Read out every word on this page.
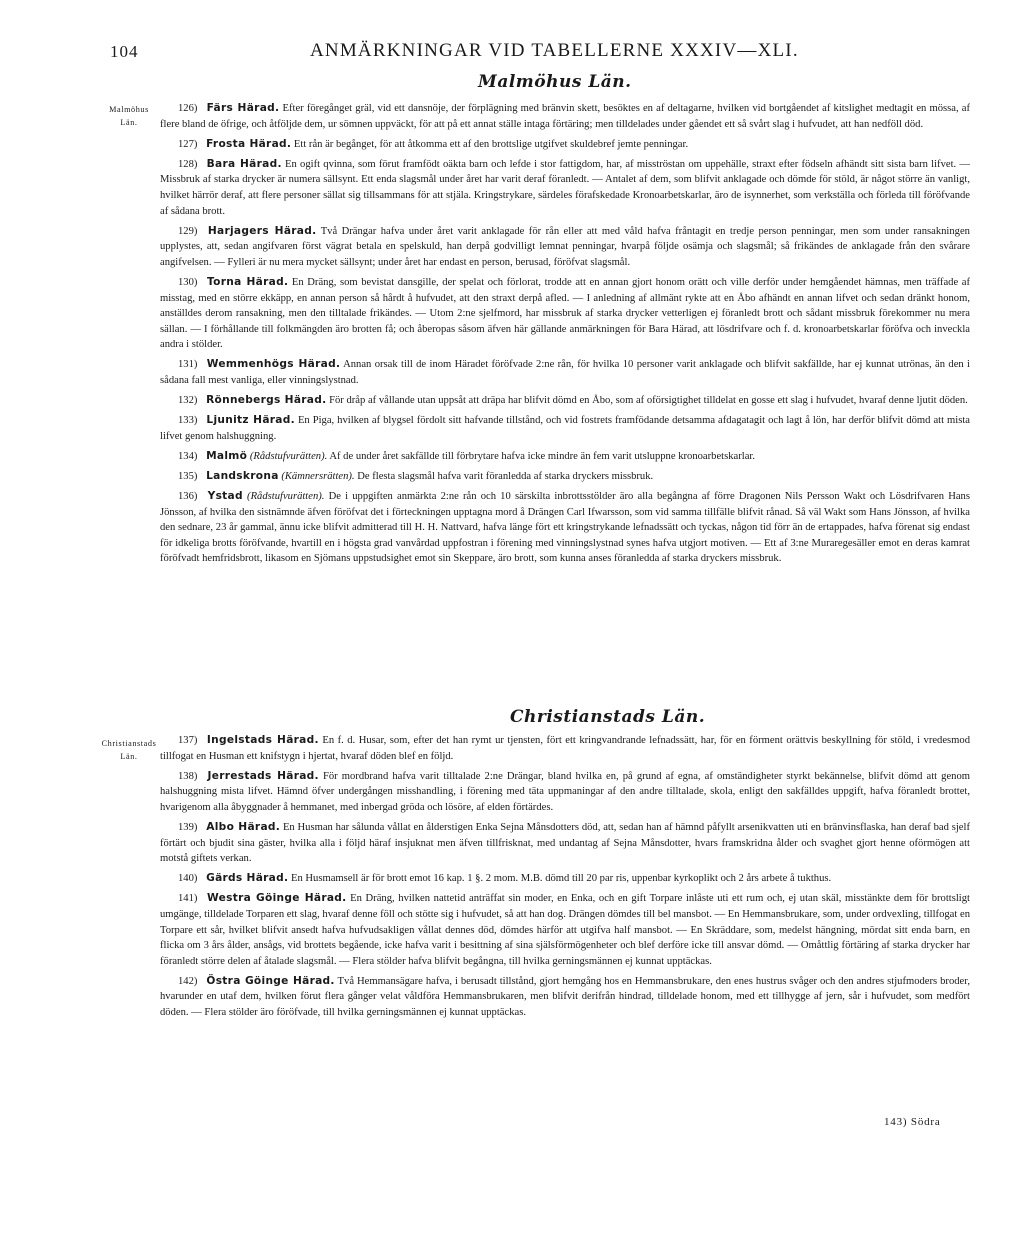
104	ANMÄRKNINGAR VID TABELLERNE XXXIV—XLI.
Malmöhus Län.
Malmöhus Län.

126) Färs Härad. Efter föregånget gräl, vid ett dansnöje, der förplägning med bränvin skett, besöktes en af deltagarne, hvilken vid bortgåendet af kitslighet medtagit en mössa, af flere bland de öfrige, och åtföljde dem, ur sömnen uppväckt, för att på ett annat ställe intaga förtäring; men tilldelades under gåendet ett så svårt slag i hufvudet, att han nedföll död.

127) Frosta Härad. Ett rån är begånget, för att åtkomma ett af den brottslige utgifvet skuldebref jemte penningar.

128) Bara Härad. En ogift qvinna, som förut framfödt oäkta barn och lefde i stor fattigdom, har, af misströstan om uppehälle, straxt efter födseln afhändt sitt sista barn lifvet. — Missbruk af starka drycker är numera sällsynt. Ett enda slagsmål under året har varit deraf föranledt. — Antalet af dem, som blifvit anklagade och dömde för stöld, är något större än vanligt, hvilket härrör deraf, att flere personer sällat sig tillsammans för att stjäla. Kringstrykare, särdeles förafskedade Kronoarbetskarlar, äro de isynnerhet, som verkställa och förleda till föröfvande af sådana brott.

129) Harjagers Härad. Två Drängar hafva under året varit anklagade för rån eller att med våld hafva fråntagit en tredje person penningar, men som under ransakningen upplystes, att, sedan angifvaren först vägrat betala en spelskuld, han derpå godvilligt lemnat penningar, hvarpå följde osämja och slagsmål; så frikändes de anklagade från den svårare angifvelsen. — Fylleri är nu mera mycket sällsynt; under året har endast en person, berusad, föröfvat slagsmål.

130) Torna Härad. En Dräng, som bevistat dansgille, der spelat och förlorat, trodde att en annan gjort honom orätt och ville derför under hemgåendet hämnas, men träffade af misstag, med en större ekkäpp, en annan person så hårdt å hufvudet, att den straxt derpå afled. — I anledning af allmänt rykte att en Åbo afhändt en annan lifvet och sedan dränkt honom, anställdes derom ransakning, men den tilltalade frikändes. — Utom 2:ne sjelfmord, har missbruk af starka drycker vetterligen ej föranledt brott och sådant missbruk förekommer nu mera sällan. — I förhållande till folkmängden äro brotten få; och åberopas såsom äfven här gällande anmärkningen för Bara Härad, att lösdrifvare och f. d. kronoarbetskarlar föröfva och inveckla andra i stölder.

131) Wemmenhögs Härad. Annan orsak till de inom Häradet föröfvade 2:ne rån, för hvilka 10 personer varit anklagade och blifvit sakfällde, har ej kunnat utrönas, än den i sådana fall mest vanliga, eller vinningslystnad.

132) Rönnebergs Härad. För dråp af vållande utan uppsåt att dräpa har blifvit dömd en Åbo, som af oförsigtighet tilldelat en gosse ett slag i hufvudet, hvaraf denne ljutit döden.

133) Ljunitz Härad. En Piga, hvilken af blygsel fördolt sitt hafvande tillstånd, och vid fostrets framfödande detsamma afdagatagit och lagt å lön, har derför blifvit dömd att mista lifvet genom halshuggning.

134) Malmö (Rådstufvurätten). Af de under året sakfällde till förbrytare hafva icke mindre än fem varit utsluppne kronoarbetskarlar.

135) Landskrona (Kämnersrätten). De flesta slagsmål hafva varit föranledda af starka dryckers missbruk.

136) Ystad (Rådstufvurätten). De i uppgiften anmärkta 2:ne rån och 10 särskilta inbrottsstölder äro alla begångna af förre Dragonen Nils Persson Wakt och Lösdrifvaren Hans Jönsson, af hvilka den sistnämnde äfven föröfvat det i förteckningen upptagna mord å Drängen Carl Ifwarsson, som vid samma tillfälle blifvit rånad. Så väl Wakt som Hans Jönsson, af hvilka den sednare, 23 år gammal, ännu icke blifvit admitterad till H. H. Nattvard, hafva länge fört ett kringstrykande lefnadssätt och tyckas, någon tid förr än de ertappades, hafva förenat sig endast för idkeliga brotts föröfvande, hvartill en i högsta grad vanvårdad uppfostran i förening med vinningslystnad synes hafva utgjort motiven. — Ett af 3:ne Muraregesäller emot en deras kamrat föröfvadt hemfridsbrott, likasom en Sjömans uppstudsighet emot sin Skeppare, äro brott, som kunna anses föranledda af starka dryckers missbruk.

Christianstads Län.
Christianstads Län.

137) Ingelstads Härad. En f. d. Husar, som, efter det han rymt ur tjensten, fört ett kringvandrande lefnadssätt, har, för en förment orättvis beskyllning för stöld, i vredesmod tillfogat en Husman ett knifstygn i hjertat, hvaraf döden blef en följd.

138) Jerrestads Härad. För mordbrand hafva varit tilltalade 2:ne Drängar, bland hvilka en, på grund af egna, af omständigheter styrkt bekännelse, blifvit dömd att genom halshuggning mista lifvet. Hämnd öfver undergången misshandling, i förening med täta uppmaningar af den andre tilltalade, skola, enligt den sakfälldes uppgift, hafva föranledt brottet, hvarigenom alla åbyggnader å hemmanet, med inbergad gröda och lösöre, af elden förtärdes.

139) Albo Härad. En Husman har sålunda vållat en ålderstigen Enka Sejna Månsdotters död, att, sedan han af hämnd påfyllt arsenikvatten uti en bränvinsflaska, han deraf bad sjelf förtärt och bjudit sina gäster, hvilka alla i följd häraf insjuknat men äfven tillfrisknat, med undantag af Sejna Månsdotter, hvars framskridna ålder och svaghet gjort henne oförmögen att motstå giftets verkan.

140) Gärds Härad. En Husmamsell är för brott emot 16 kap. 1 §. 2 mom. M.B. dömd till 20 par ris, uppenbar kyrkoplikt och 2 års arbete å tukthus.

141) Westra Göinge Härad. En Dräng, hvilken nattetid anträffat sin moder, en Enka, och en gift Torpare inlåste uti ett rum och, ej utan skäl, misstänkte dem för brottsligt umgänge, tilldelade Torparen ett slag, hvaraf denne föll och stötte sig i hufvudet, så att han dog. Drängen dömdes till bel mansbot. — En Hemmansbrukare, som, under ordvexling, tillfogat en Torpare ett sår, hvilket blifvit ansedt hafva hufvudsakligen vållat dennes död, dömdes härför att utgifva half mansbot. — En Skräddare, som, medelst hängning, mördat sitt enda barn, en flicka om 3 års ålder, ansågs, vid brottets begående, icke hafva varit i besittning af sina själsförmögenheter och blef derföre icke till ansvar dömd. — Omåttlig förtäring af starka drycker har föranledt större delen af åtalade slagsmål. — Flera stölder hafva blifvit begångna, till hvilka gerningsmännen ej kunnat upptäckas.

142) Östra Göinge Härad. Två Hemmansägare hafva, i berusadt tillstånd, gjort hemgång hos en Hemmansbrukare, den enes hustrus svåger och den andres stjufmoders broder, hvarunder en utaf dem, hvilken förut flera gånger velat våldföra Hemmansbrukaren, men blifvit derifrån hindrad, tilldelade honom, med ett tillhygge af jern, sår i hufvudet, som medfört döden. — Flera stölder äro föröfvade, till hvilka gerningsmännen ej kunnat upptäckas.

143) Södra
